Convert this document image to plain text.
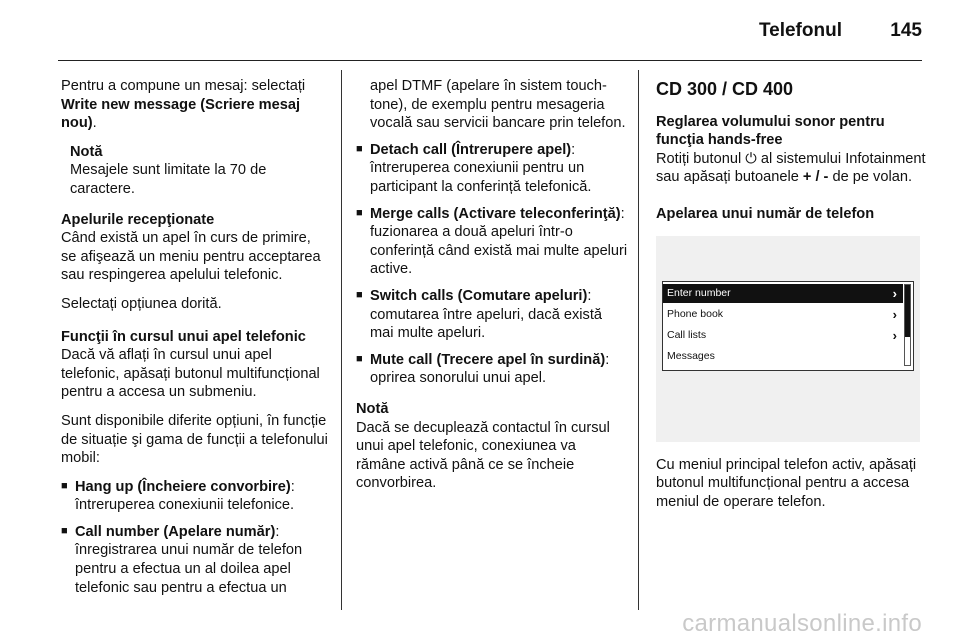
Telefonul	145

Pentru a compune un mesaj: selectați Write new message (Scriere mesaj nou).

Notă
Mesajele sunt limitate la 70 de caractere.
Apelurile recepţionate

Când există un apel în curs de primire, se afişează un meniu pentru acceptarea sau respingerea apelului telefonic.

Selectați opțiunea dorită.

Funcţii în cursul unui apel telefonic

Dacă vă aflați în cursul unui apel telefonic, apăsați butonul multifuncțional pentru a accesa un submeniu.

Sunt disponibile diferite opțiuni, în funcție de situație şi gama de funcții a telefonului mobil:

■ Hang up (Încheiere convorbire): întreruperea conexiunii telefonice.
■ Call number (Apelare număr): înregistrarea unui număr de telefon pentru a efectua un al doilea apel telefonic sau pentru a efectua un
apel DTMF (apelare în sistem touch-tone), de exemplu pentru mesageria vocală sau servicii bancare prin telefon.
■ Detach call (Întrerupere apel): întreruperea conexiunii pentru un participant la conferință telefonică.
■ Merge calls (Activare teleconferinţă): fuzionarea a două apeluri într-o conferință când există mai multe apeluri active.
■ Switch calls (Comutare apeluri): comutarea între apeluri, dacă există mai multe apeluri.
■ Mute call (Trecere apel în surdină): oprirea sonorului unui apel.
Notă
Dacă se decuplează contactul în cursul unui apel telefonic, conexiunea va rămâne activă până ce se încheie convorbirea.
CD 300 / CD 400
Reglarea volumului sonor pentru funcţia hands-free

Rotiți butonul ⏻ al sistemului Infotainment sau apăsați butoanele + / - de pe volan.

Apelarea unui număr de telefon
Enter number	›
Phone book	›
Call lists	›
Messages

Cu meniul principal telefon activ, apăsați butonul multifuncțional pentru a accesa meniul de operare telefon.

carmanualsonline.info
